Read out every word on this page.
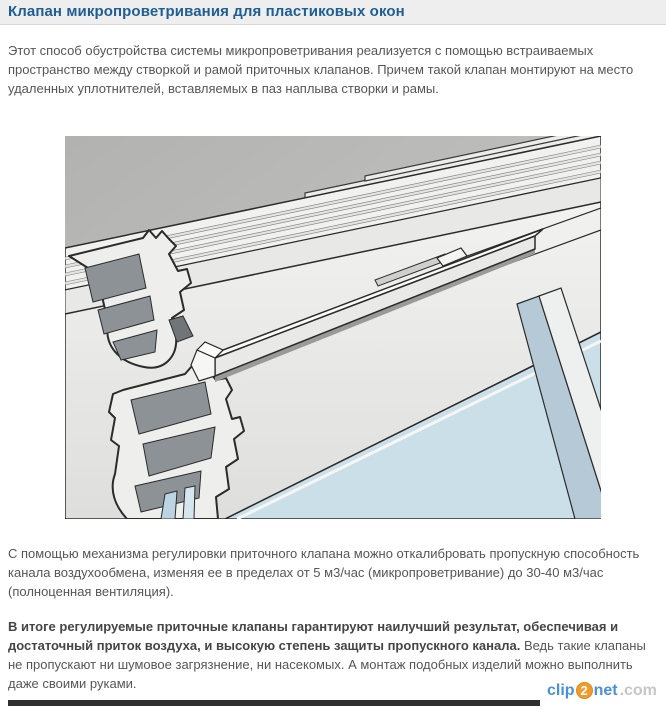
Клапан микропроветривания для пластиковых окон
Этот способ обустройства системы микропроветривания реализуется с помощью встраиваемых пространство между створкой и рамой приточных клапанов. Причем такой клапан монтируют на место удаленных уплотнителей, вставляемых в паз наплыва створки и рамы.
С помощью механизма регулировки приточного клапана можно откалибровать пропускную способность канала воздухообмена, изменяя ее в пределах от 5 м3/час (микропроветривание) до 30-40 м3/час (полноценная вентиляция).
В итоге регулируемые приточные клапаны гарантируют наилучший результат, обеспечивая и достаточный приток воздуха, и высокую степень защиты пропускного канала. Ведь такие клапаны не пропускают ни шумовое загрязнение, ни насекомых. А монтаж подобных изделий можно выполнить даже своими руками.	clip 2 net .com
